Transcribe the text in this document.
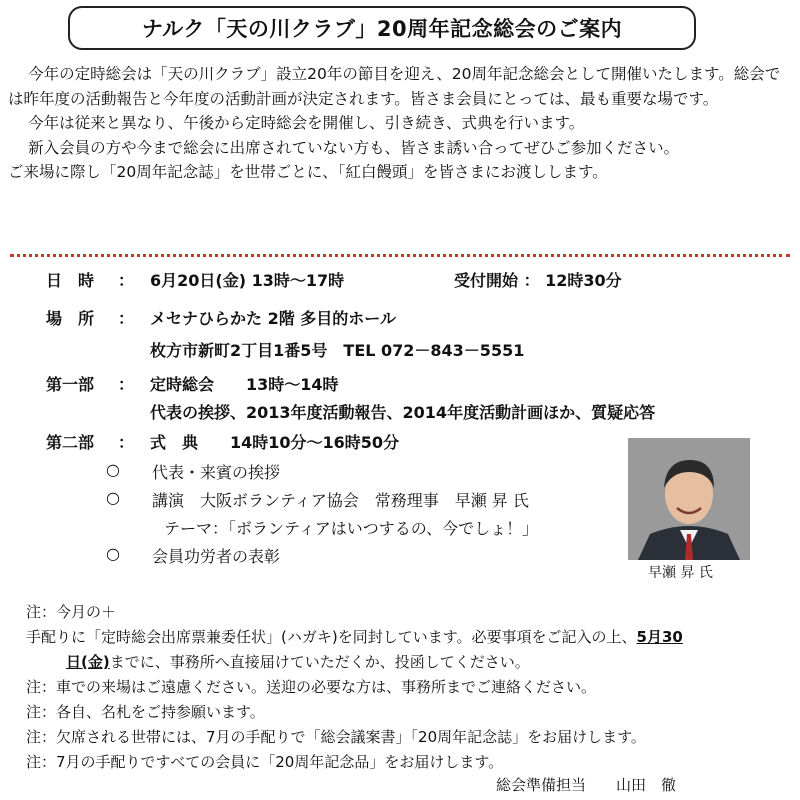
ナルク「天の川クラブ」20周年記念総会のご案内

今年の定時総会は「天の川クラブ」設立20年の節目を迎え、20周年記念総会として開催いたします。総会では昨年度の活動報告と今年度の活動計画が決定されます。皆さま会員にとっては、最も重要な場です。

今年は従来と異なり、午後から定時総会を開催し、引き続き、式典を行います。

新入会員の方や今まで総会に出席されていない方も、皆さま誘い合ってぜひご参加ください。

ご来場に際し「20周年記念誌」を世帯ごとに、「紅白饅頭」を皆さまにお渡しします。

日　時 ： 6月20日(金) 13時～17時	受付開始 ： 12時30分
場　所 ： メセナひらかた 2階 多目的ホール
枚方市新町2丁目1番5号　TEL 072－843－5551
第一部 ： 定時総会　　13時～14時
代表の挨拶、2013年度活動報告、2014年度活動計画ほか、質疑応答
第二部 ： 式　典　　14時10分～16時50分
○ 代表・来賓の挨拶
○ 講演　大阪ボランティア協会　常務理事　早瀬 昇 氏
テーマ：「ボランティアはいつするの、今でしょ！」
○ 会員功労者の表彰
早瀬 昇 氏
注：今月の＋
手配りに「定時総会出席票兼委任状」(ハガキ)を同封しています。必要事項をご記入の上、5月30
日(金)までに、事務所へ直接届けていただくか、投函してください。
注：車での来場はご遠慮ください。送迎の必要な方は、事務所までご連絡ください。
注：各自、名札をご持参願います。
注：欠席される世帯には、7月の手配りで「総会議案書」「20周年記念誌」をお届けします。
注：7月の手配りですべての会員に「20周年記念品」をお届けします。
総会準備担当　　山田　徹
